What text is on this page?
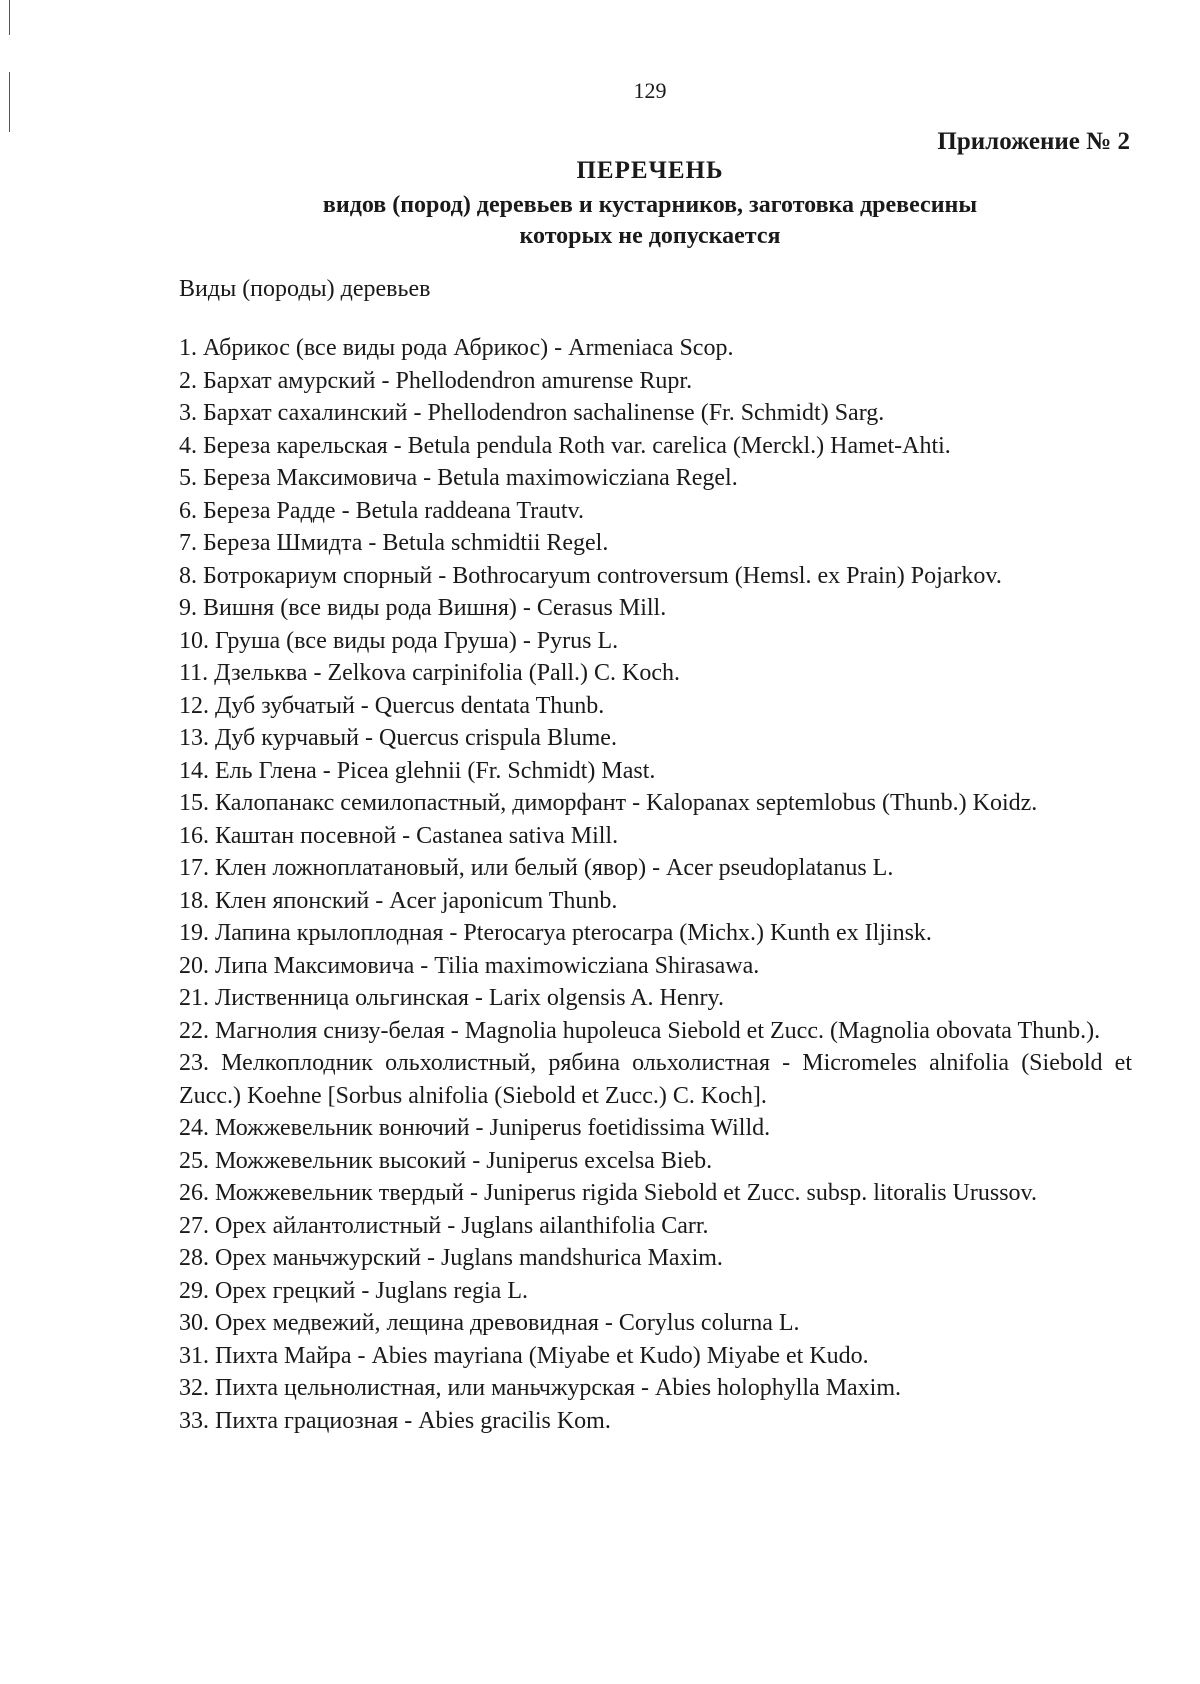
129
Приложение № 2
ПЕРЕЧЕНЬ
видов (пород) деревьев и кустарников, заготовка древесины
которых не допускается
Виды (породы) деревьев
1. Абрикос (все виды рода Абрикос) - Armeniaca Scop.
2. Бархат амурский - Phellodendron amurense Rupr.
3. Бархат сахалинский - Phellodendron sachalinense (Fr. Schmidt) Sarg.
4. Береза карельская - Betula pendula Roth var. carelica (Merckl.) Hamet-Ahti.
5. Береза Максимовича - Betula maximowicziana Regel.
6. Береза Радде - Betula raddeana Trautv.
7. Береза Шмидта - Betula schmidtii Regel.
8. Ботрокариум спорный - Bothrocaryum controversum (Hemsl. ex Prain) Pojarkov.
9. Вишня (все виды рода Вишня) - Cerasus Mill.
10. Груша (все виды рода Груша) - Pyrus L.
11. Дзельква - Zelkova carpinifolia (Pall.) C. Koch.
12. Дуб зубчатый - Quercus dentata Thunb.
13. Дуб курчавый - Quercus crispula Blume.
14. Ель Глена - Picea glehnii (Fr. Schmidt) Mast.
15. Калопанакс семилопастный, диморфант - Kalopanax septemlobus (Thunb.) Koidz.
16. Каштан посевной - Castanea sativa Mill.
17. Клен ложноплатановый, или белый (явор) - Acer pseudoplatanus L.
18. Клен японский - Acer japonicum Thunb.
19. Лапина крылоплодная - Pterocarya pterocarpa (Michx.) Kunth ex Iljinsk.
20. Липа Максимовича - Tilia maximowicziana Shirasawa.
21. Лиственница ольгинская - Larix olgensis A. Henry.
22. Магнолия снизу-белая - Magnolia hupoleuca Siebold et Zucc. (Magnolia obovata Thunb.).
23. Мелкоплодник ольхолистный, рябина ольхолистная - Micromeles alnifolia (Siebold et Zucc.) Koehne [Sorbus alnifolia (Siebold et Zucc.) C. Koch].
24. Можжевельник вонючий - Juniperus foetidissima Willd.
25. Можжевельник высокий - Juniperus excelsa Bieb.
26. Можжевельник твердый - Juniperus rigida Siebold et Zucc. subsp. litoralis Urussov.
27. Орех айлантолистный - Juglans ailanthifolia Carr.
28. Орех маньчжурский - Juglans mandshurica Maxim.
29. Орех грецкий - Juglans regia L.
30. Орех медвежий, лещина древовидная - Corylus colurna L.
31. Пихта Майра - Abies mayriana (Miyabe et Kudo) Miyabe et Kudo.
32. Пихта цельнолистная, или маньчжурская - Abies holophylla Maxim.
33. Пихта грациозная - Abies gracilis Kom.
